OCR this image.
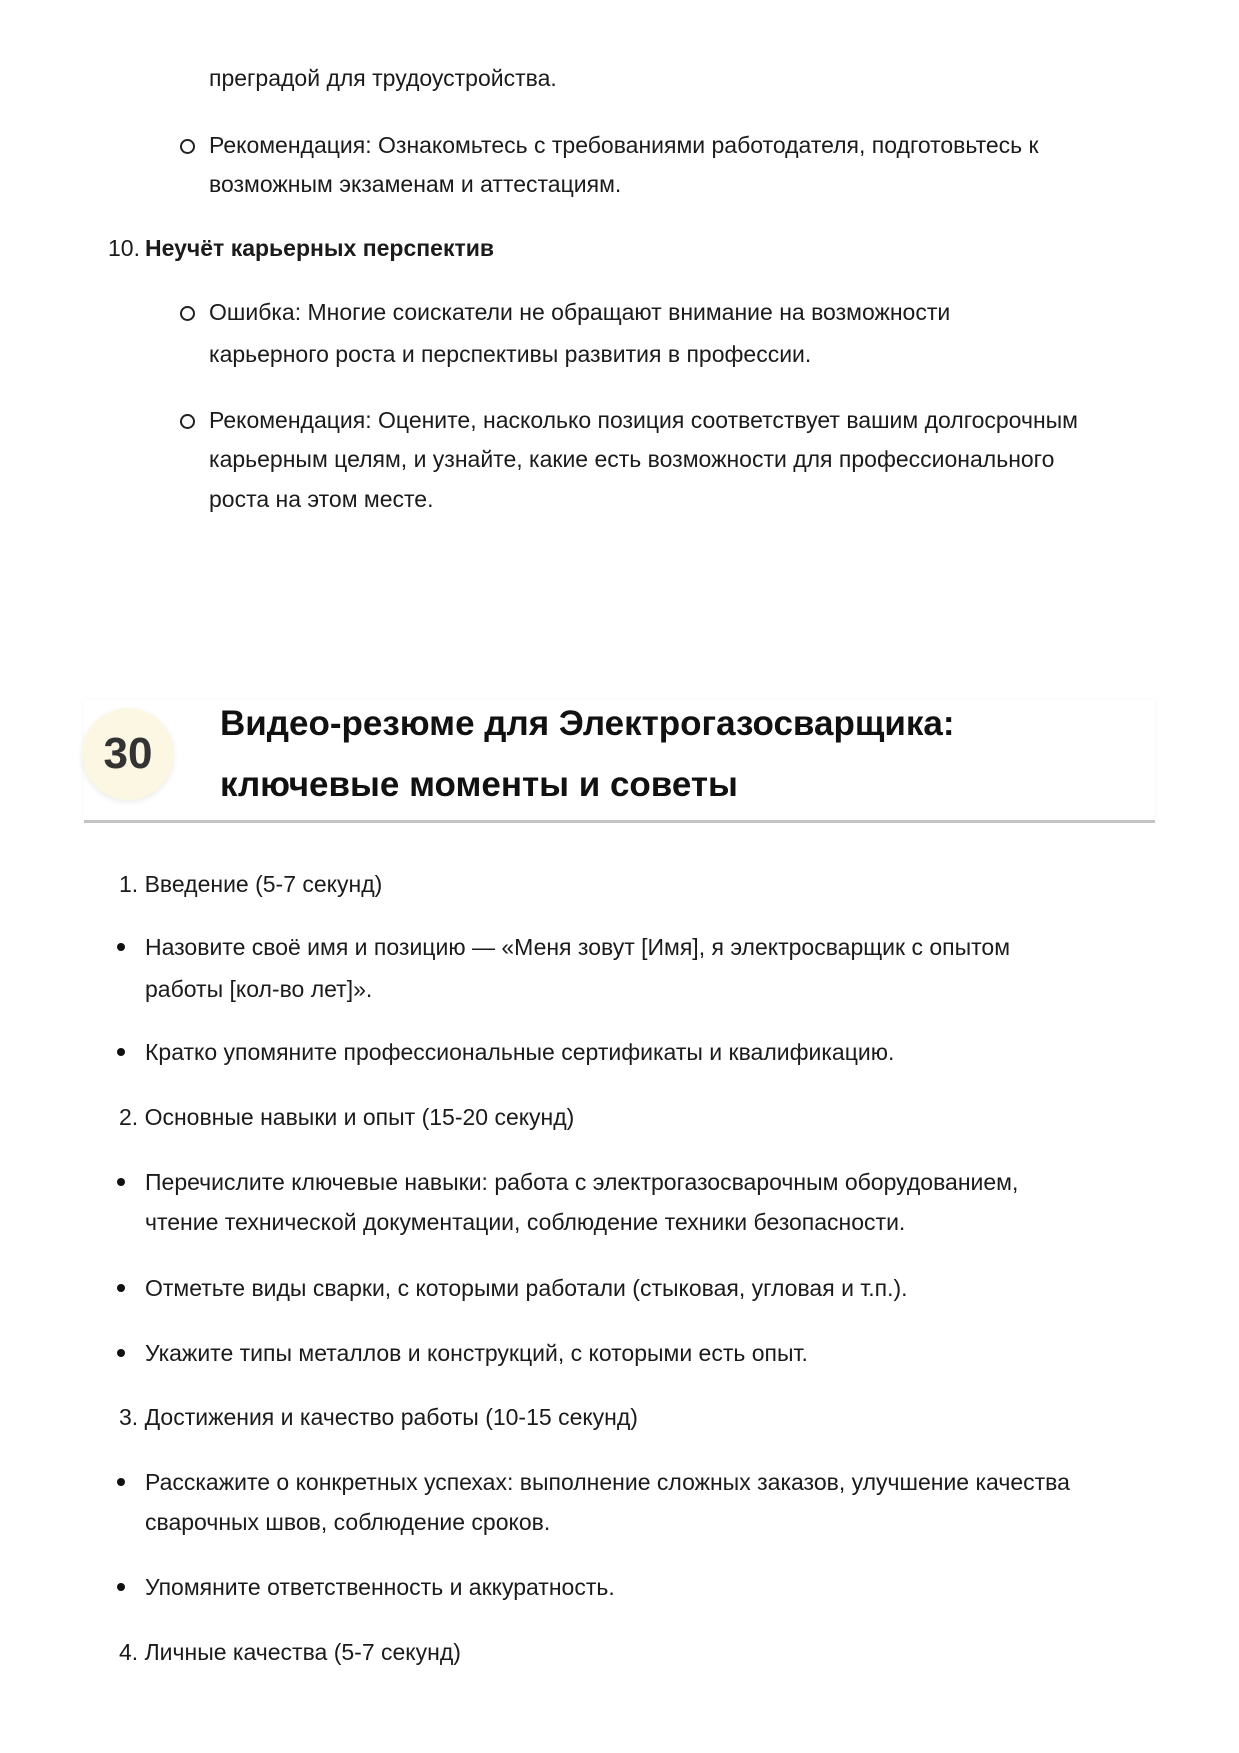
преградой для трудоустройства.
Рекомендация: Ознакомьтесь с требованиями работодателя, подготовьтесь к
возможным экзаменам и аттестациям.
10. Неучёт карьерных перспектив
Ошибка: Многие соискатели не обращают внимание на возможности
карьерного роста и перспективы развития в профессии.
Рекомендация: Оцените, насколько позиция соответствует вашим долгосрочным
карьерным целям, и узнайте, какие есть возможности для профессионального
роста на этом месте.
30
Видео-резюме для Электрогазосварщика:
ключевые моменты и советы
1. Введение (5-7 секунд)
Назовите своё имя и позицию — «Меня зовут [Имя], я электросварщик с опытом
работы [кол-во лет]».
Кратко упомяните профессиональные сертификаты и квалификацию.
2. Основные навыки и опыт (15-20 секунд)
Перечислите ключевые навыки: работа с электрогазосварочным оборудованием,
чтение технической документации, соблюдение техники безопасности.
Отметьте виды сварки, с которыми работали (стыковая, угловая и т.п.).
Укажите типы металлов и конструкций, с которыми есть опыт.
3. Достижения и качество работы (10-15 секунд)
Расскажите о конкретных успехах: выполнение сложных заказов, улучшение качества
сварочных швов, соблюдение сроков.
Упомяните ответственность и аккуратность.
4. Личные качества (5-7 секунд)
